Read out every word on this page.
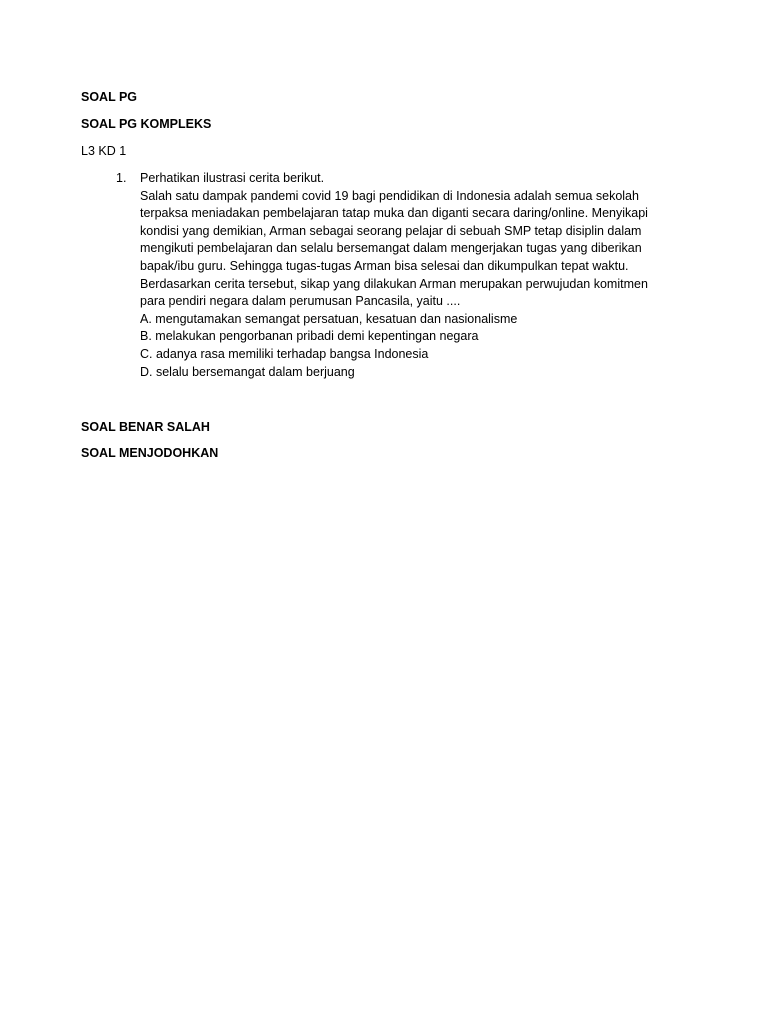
SOAL PG
SOAL PG KOMPLEKS
L3 KD 1
1. Perhatikan ilustrasi cerita berikut.
Salah satu dampak pandemi covid 19 bagi pendidikan di Indonesia adalah semua sekolah
terpaksa meniadakan pembelajaran tatap muka dan diganti secara daring/online. Menyikapi
kondisi yang demikian, Arman sebagai seorang pelajar di sebuah SMP tetap disiplin dalam
mengikuti pembelajaran dan selalu bersemangat dalam mengerjakan tugas yang diberikan
bapak/ibu guru. Sehingga tugas-tugas Arman bisa selesai dan dikumpulkan tepat waktu.
Berdasarkan cerita tersebut, sikap yang dilakukan Arman merupakan perwujudan komitmen
para pendiri negara dalam perumusan Pancasila, yaitu ....
A. mengutamakan semangat persatuan, kesatuan dan nasionalisme
B. melakukan pengorbanan pribadi demi kepentingan negara
C. adanya rasa memiliki terhadap bangsa Indonesia
D. selalu bersemangat dalam berjuang
SOAL BENAR SALAH
SOAL MENJODOHKAN
